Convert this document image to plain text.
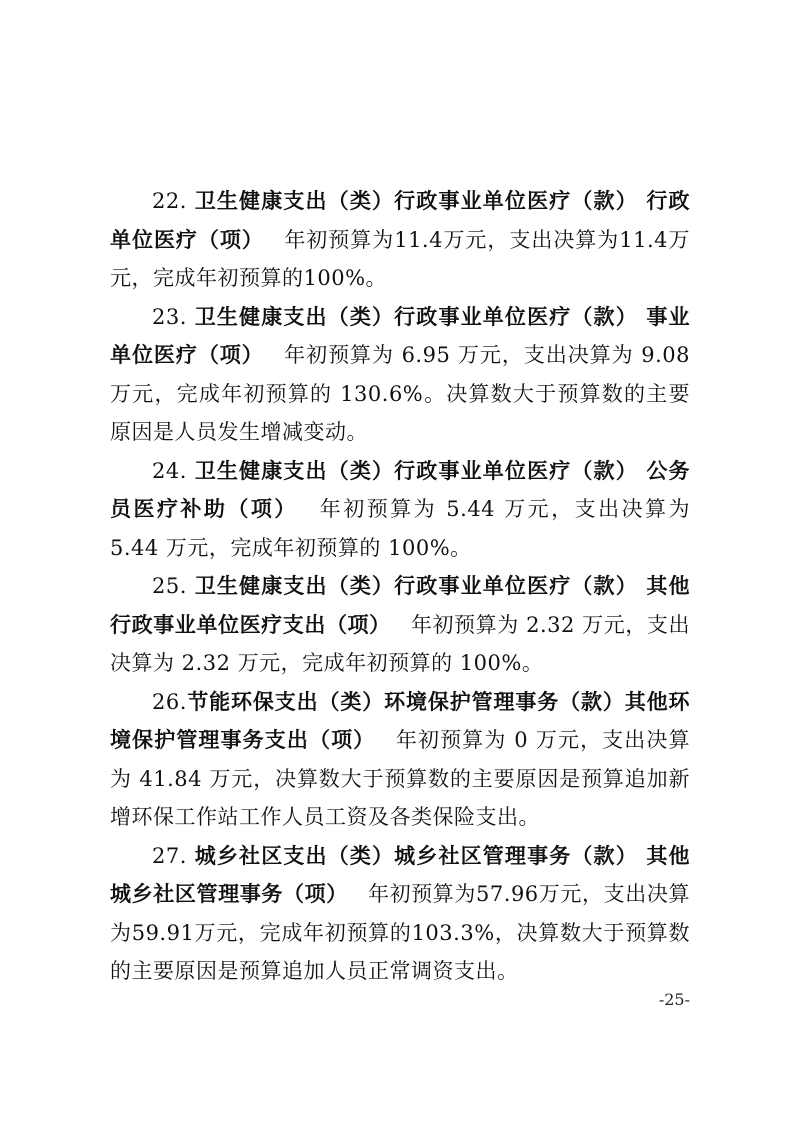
22. 卫生健康支出（类）行政事业单位医疗（款） 行政单位医疗（项） 年初预算为11.4万元，支出决算为11.4万元，完成年初预算的100%。

23. 卫生健康支出（类）行政事业单位医疗（款） 事业单位医疗（项） 年初预算为 6.95 万元，支出决算为 9.08 万元，完成年初预算的 130.6%。决算数大于预算数的主要原因是人员发生增减变动。

24. 卫生健康支出（类）行政事业单位医疗（款） 公务员医疗补助（项） 年初预算为 5.44 万元，支出决算为 5.44 万元，完成年初预算的 100%。

25. 卫生健康支出（类）行政事业单位医疗（款） 其他行政事业单位医疗支出（项） 年初预算为 2.32 万元，支出决算为 2.32 万元，完成年初预算的 100%。

26.节能环保支出（类）环境保护管理事务（款）其他环境保护管理事务支出（项） 年初预算为 0 万元，支出决算为 41.84 万元，决算数大于预算数的主要原因是预算追加新增环保工作站工作人员工资及各类保险支出。

27. 城乡社区支出（类）城乡社区管理事务（款） 其他城乡社区管理事务（项） 年初预算为57.96万元，支出决算为59.91万元，完成年初预算的103.3%，决算数大于预算数的主要原因是预算追加人员正常调资支出。

-25-
